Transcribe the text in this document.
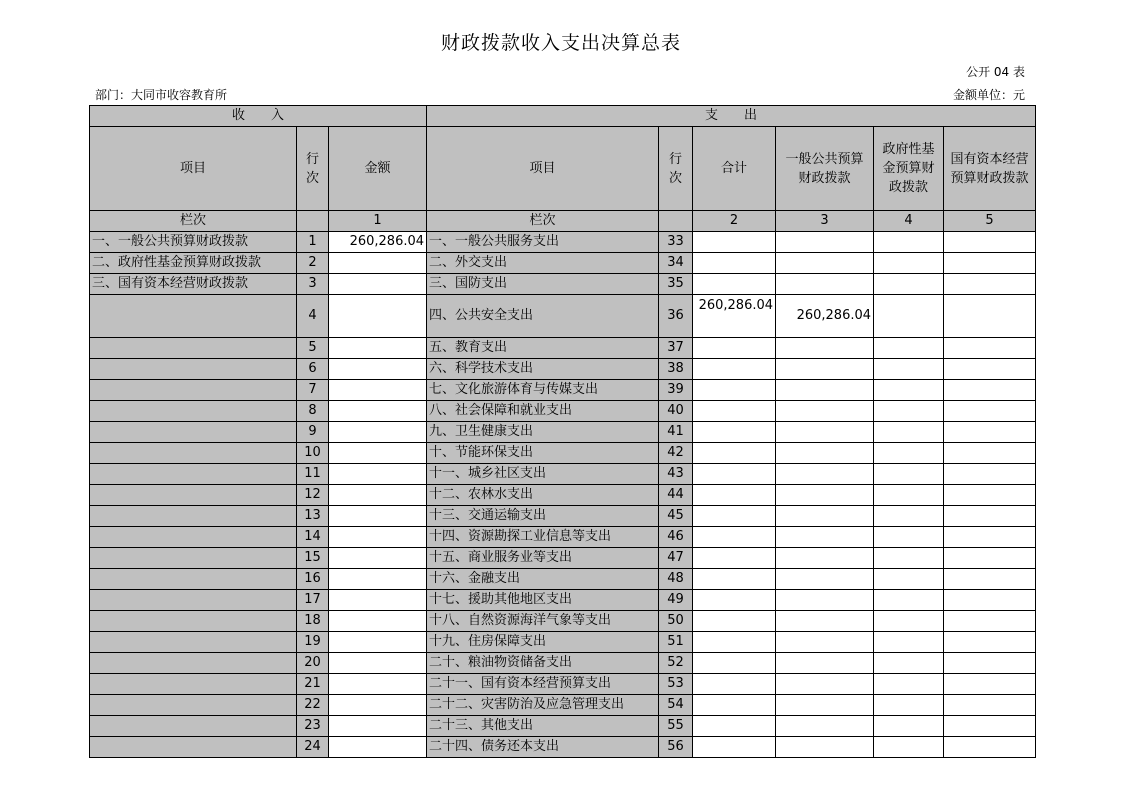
财政拨款收入支出决算总表
公开 04 表
部门：大同市收容教育所	金额单位：元
收　　入			支　　出					
项目	行次	金额	项目	行次	合计	一般公共预算财政拨款	政府性基金预算财政拨款	国有资本经营预算财政拨款
栏次		1	栏次		2	3	4	5
一、一般公共预算财政拨款	1	260,286.04	一、一般公共服务支出	33				
二、政府性基金预算财政拨款	2		二、外交支出	34				
三、国有资本经营财政拨款	3		三、国防支出	35				
	4		四、公共安全支出	36	260,286.04	260,286.04		
	5		五、教育支出	37				
	6		六、科学技术支出	38				
	7		七、文化旅游体育与传媒支出	39				
	8		八、社会保障和就业支出	40				
	9		九、卫生健康支出	41				
	10		十、节能环保支出	42				
	11		十一、城乡社区支出	43				
	12		十二、农林水支出	44				
	13		十三、交通运输支出	45				
	14		十四、资源勘探工业信息等支出	46				
	15		十五、商业服务业等支出	47				
	16		十六、金融支出	48				
	17		十七、援助其他地区支出	49				
	18		十八、自然资源海洋气象等支出	50				
	19		十九、住房保障支出	51				
	20		二十、粮油物资储备支出	52				
	21		二十一、国有资本经营预算支出	53				
	22		二十二、灾害防治及应急管理支出	54				
	23		二十三、其他支出	55				
	24		二十四、债务还本支出	56				
